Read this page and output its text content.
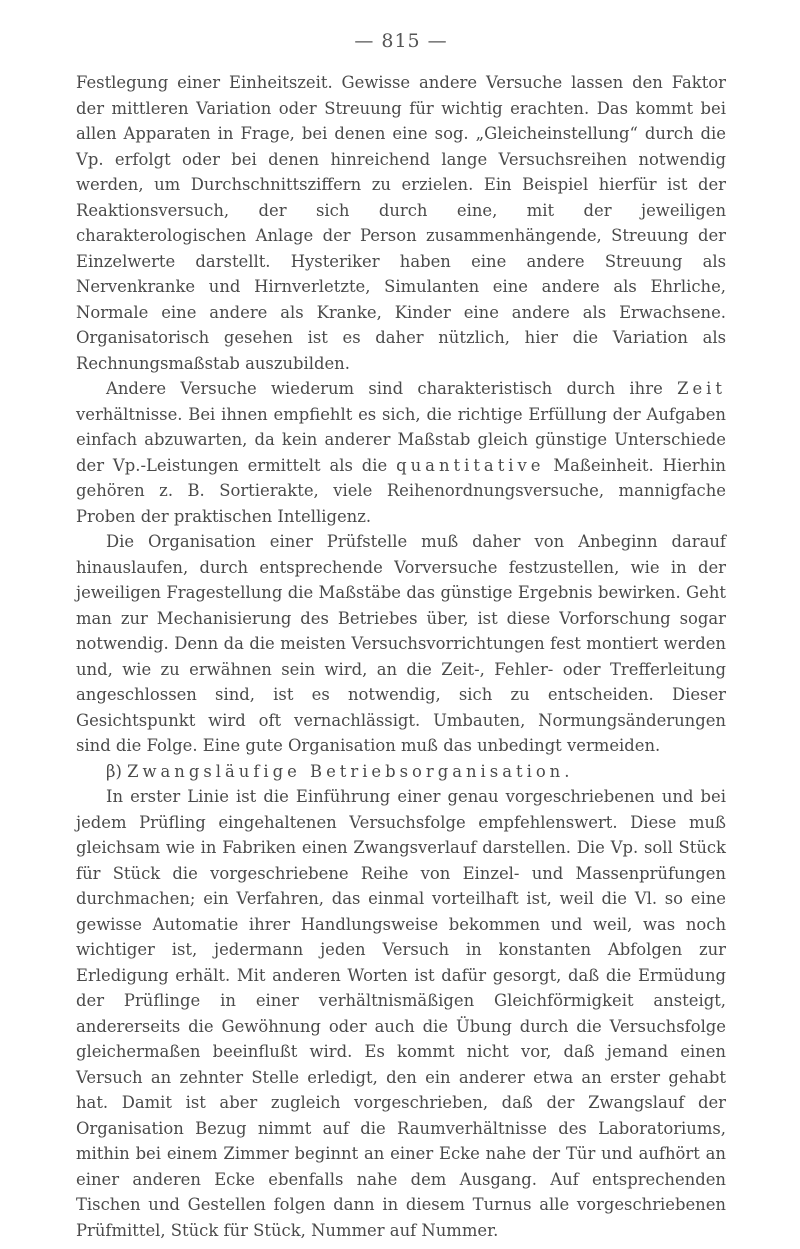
— 815 —

Festlegung einer Einheitszeit. Gewisse andere Versuche lassen den Faktor der mittleren Variation oder Streuung für wichtig erachten. Das kommt bei allen Apparaten in Frage, bei denen eine sog. „Gleicheinstellung“ durch die Vp. erfolgt oder bei denen hinreichend lange Versuchsreihen notwendig werden, um Durchschnittsziffern zu erzielen. Ein Beispiel hierfür ist der Reaktionsversuch, der sich durch eine, mit der jeweiligen charakterologischen Anlage der Person zusammenhängende, Streuung der Einzelwerte darstellt. Hysteriker haben eine andere Streuung als Nervenkranke und Hirnverletzte, Simulanten eine andere als Ehrliche, Normale eine andere als Kranke, Kinder eine andere als Erwachsene. Organisatorisch gesehen ist es daher nützlich, hier die Variation als Rechnungsmaßstab auszubilden.

Andere Versuche wiederum sind charakteristisch durch ihre Zeit verhältnisse. Bei ihnen empfiehlt es sich, die richtige Erfüllung der Aufgaben einfach abzuwarten, da kein anderer Maßstab gleich günstige Unterschiede der Vp.-Leistungen ermittelt als die quantitative Maßeinheit. Hierhin gehören z. B. Sortierakte, viele Reihenordnungsversuche, mannigfache Proben der praktischen Intelligenz.

Die Organisation einer Prüfstelle muß daher von Anbeginn darauf hinauslaufen, durch entsprechende Vorversuche festzustellen, wie in der jeweiligen Fragestellung die Maßstäbe das günstige Ergebnis bewirken. Geht man zur Mechanisierung des Betriebes über, ist diese Vorforschung sogar notwendig. Denn da die meisten Versuchsvorrichtungen fest montiert werden und, wie zu erwähnen sein wird, an die Zeit-, Fehler- oder Trefferleitung angeschlossen sind, ist es notwendig, sich zu entscheiden. Dieser Gesichtspunkt wird oft vernachlässigt. Umbauten, Normungsänderungen sind die Folge. Eine gute Organisation muß das unbedingt vermeiden.

β) Zwangsläufige Betriebsorganisation.

In erster Linie ist die Einführung einer genau vorgeschriebenen und bei jedem Prüfling eingehaltenen Versuchsfolge empfehlenswert. Diese muß gleichsam wie in Fabriken einen Zwangsverlauf darstellen. Die Vp. soll Stück für Stück die vorgeschriebene Reihe von Einzel- und Massenprüfungen durchmachen; ein Verfahren, das einmal vorteilhaft ist, weil die Vl. so eine gewisse Automatie ihrer Handlungsweise bekommen und weil, was noch wichtiger ist, jedermann jeden Versuch in konstanten Abfolgen zur Erledigung erhält. Mit anderen Worten ist dafür gesorgt, daß die Ermüdung der Prüflinge in einer verhältnismäßigen Gleichförmigkeit ansteigt, andererseits die Gewöhnung oder auch die Übung durch die Versuchsfolge gleichermaßen beeinflußt wird. Es kommt nicht vor, daß jemand einen Versuch an zehnter Stelle erledigt, den ein anderer etwa an erster gehabt hat. Damit ist aber zugleich vorgeschrieben, daß der Zwangslauf der Organisation Bezug nimmt auf die Raumverhältnisse des Laboratoriums, mithin bei einem Zimmer beginnt an einer Ecke nahe der Tür und aufhört an einer anderen Ecke ebenfalls nahe dem Ausgang. Auf entsprechenden Tischen und Gestellen folgen dann in diesem Turnus alle vorgeschriebenen Prüfmittel, Stück für Stück, Nummer auf Nummer.
